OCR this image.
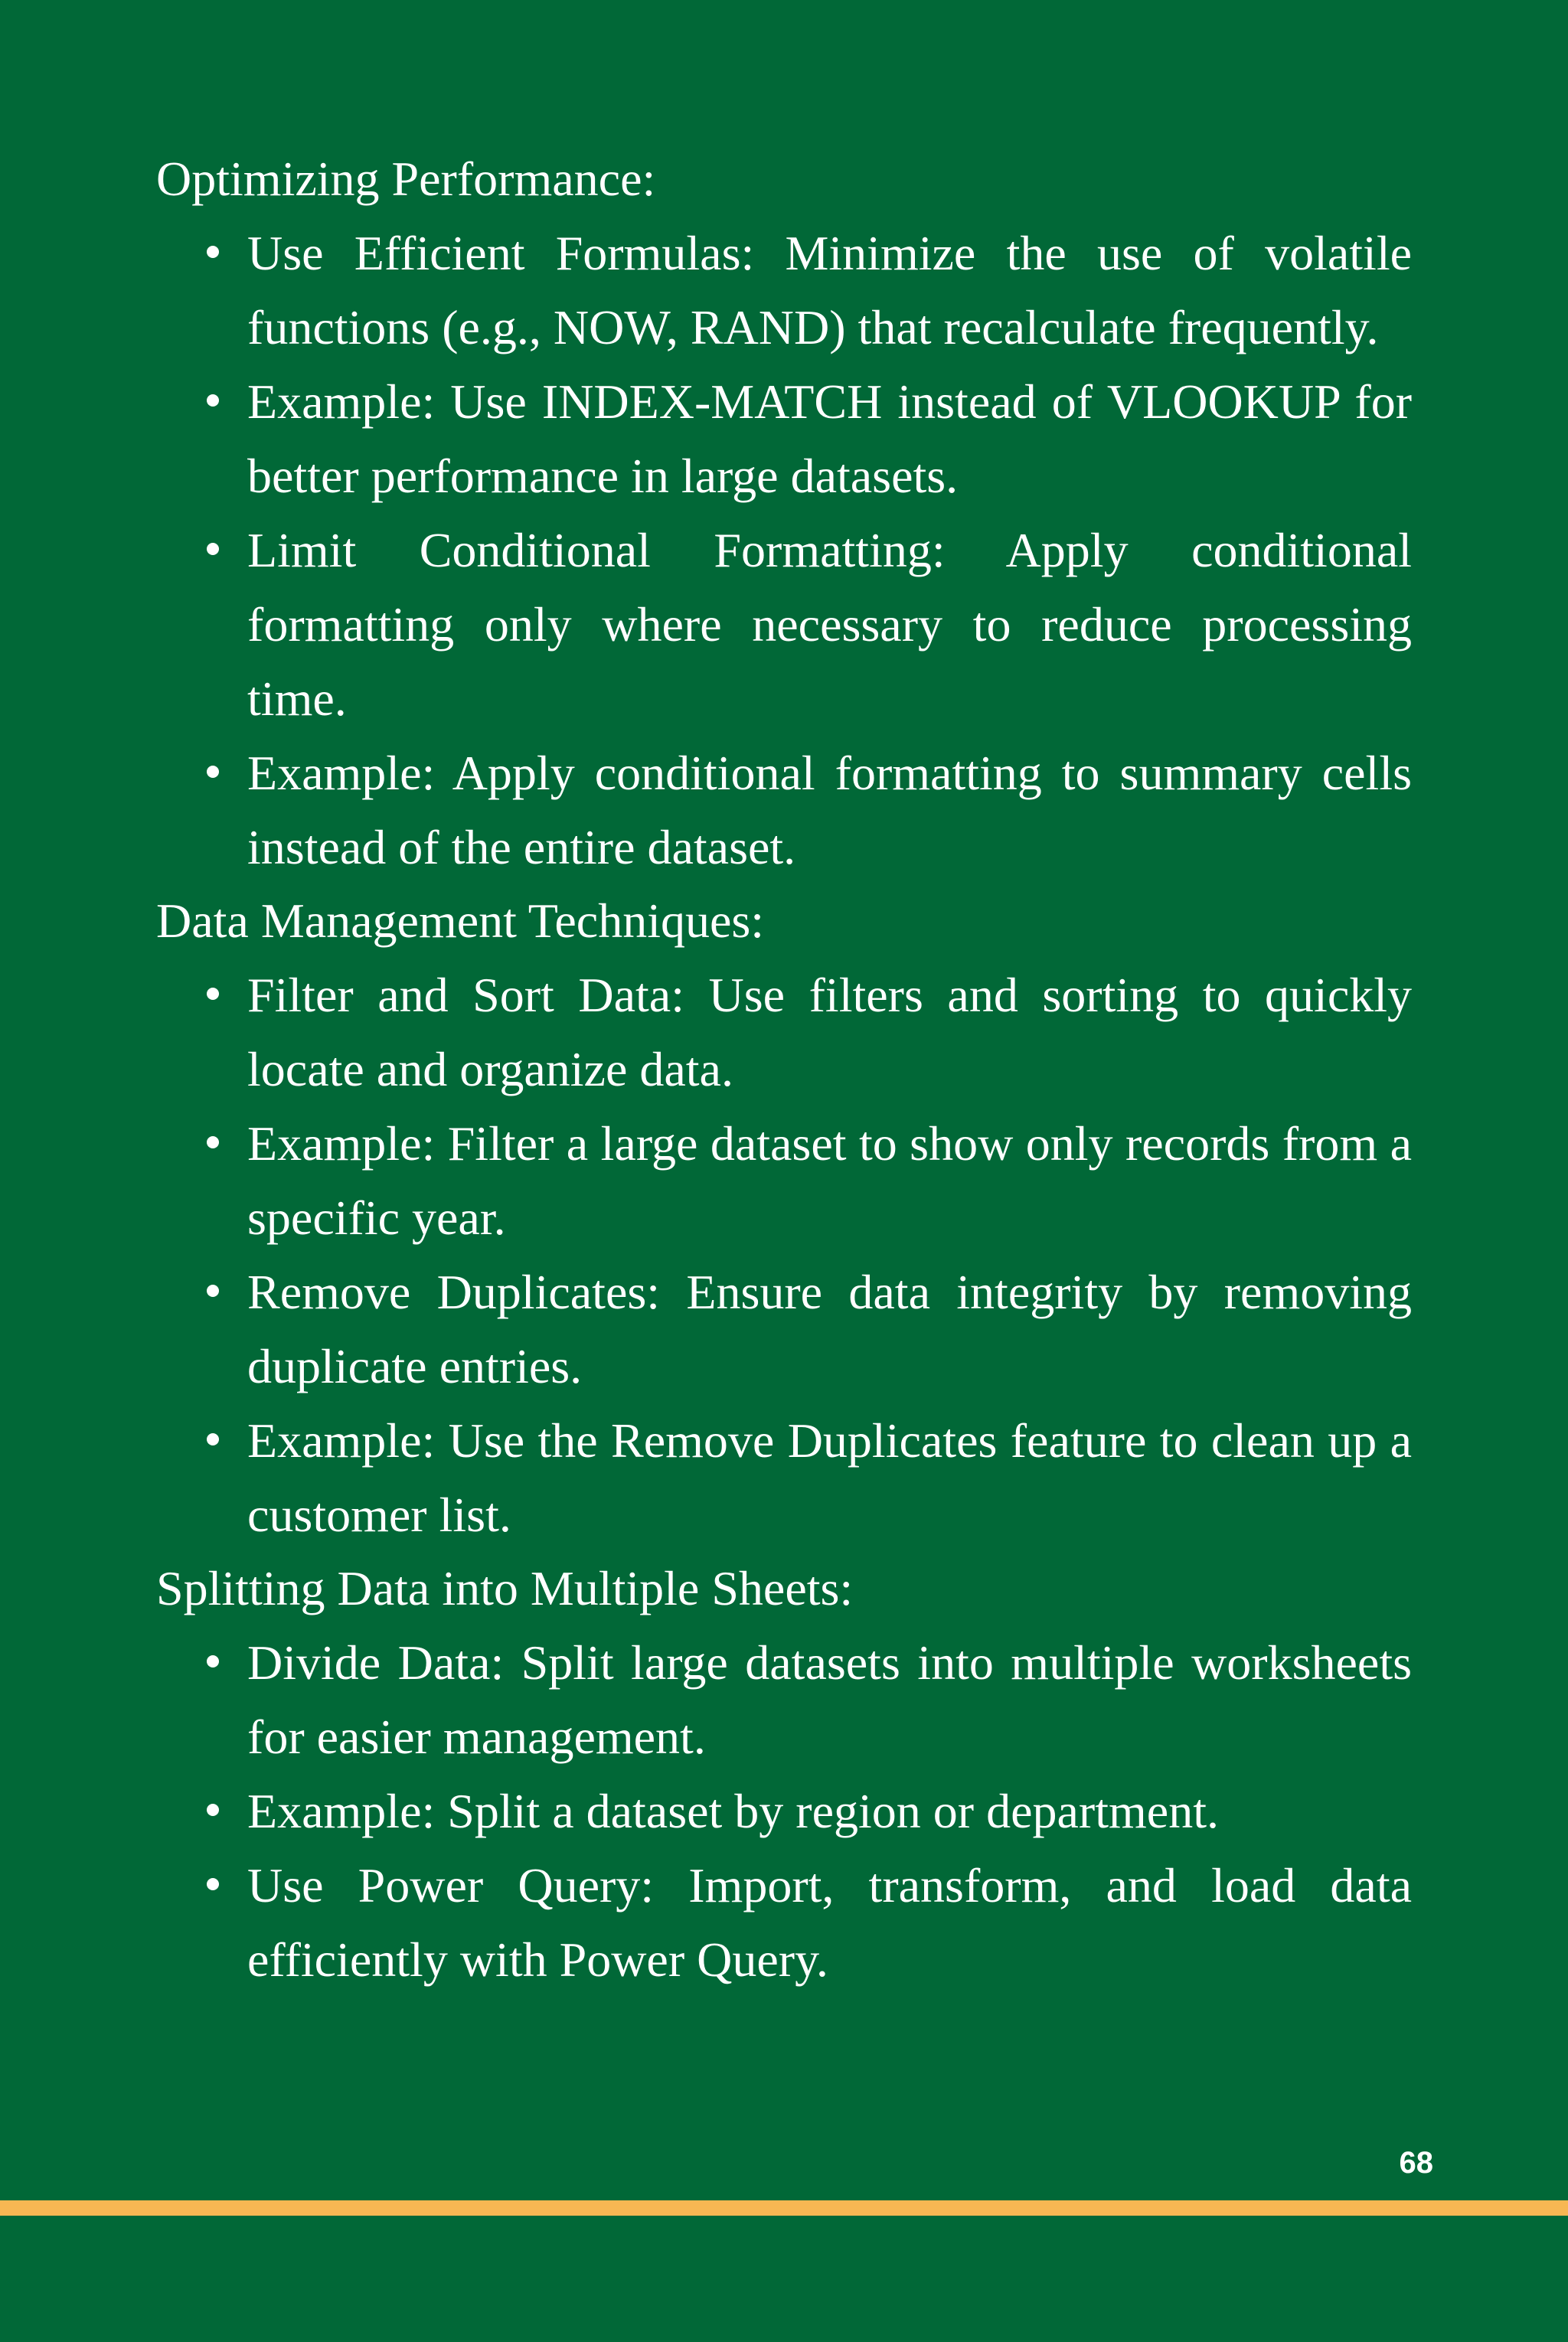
Optimizing Performance:

Use Efficient Formulas: Minimize the use of volatile functions (e.g., NOW, RAND) that recalculate frequently.
Example: Use INDEX-MATCH instead of VLOOKUP for better performance in large datasets.
Limit Conditional Formatting: Apply conditional formatting only where necessary to reduce processing time.
Example: Apply conditional formatting to summary cells instead of the entire dataset.

Data Management Techniques:

Filter and Sort Data: Use filters and sorting to quickly locate and organize data.
Example: Filter a large dataset to show only records from a specific year.
Remove Duplicates: Ensure data integrity by removing duplicate entries.
Example: Use the Remove Duplicates feature to clean up a customer list.

Splitting Data into Multiple Sheets:

Divide Data: Split large datasets into multiple worksheets for easier management.
Example: Split a dataset by region or department.
Use Power Query: Import, transform, and load data efficiently with Power Query.
68
